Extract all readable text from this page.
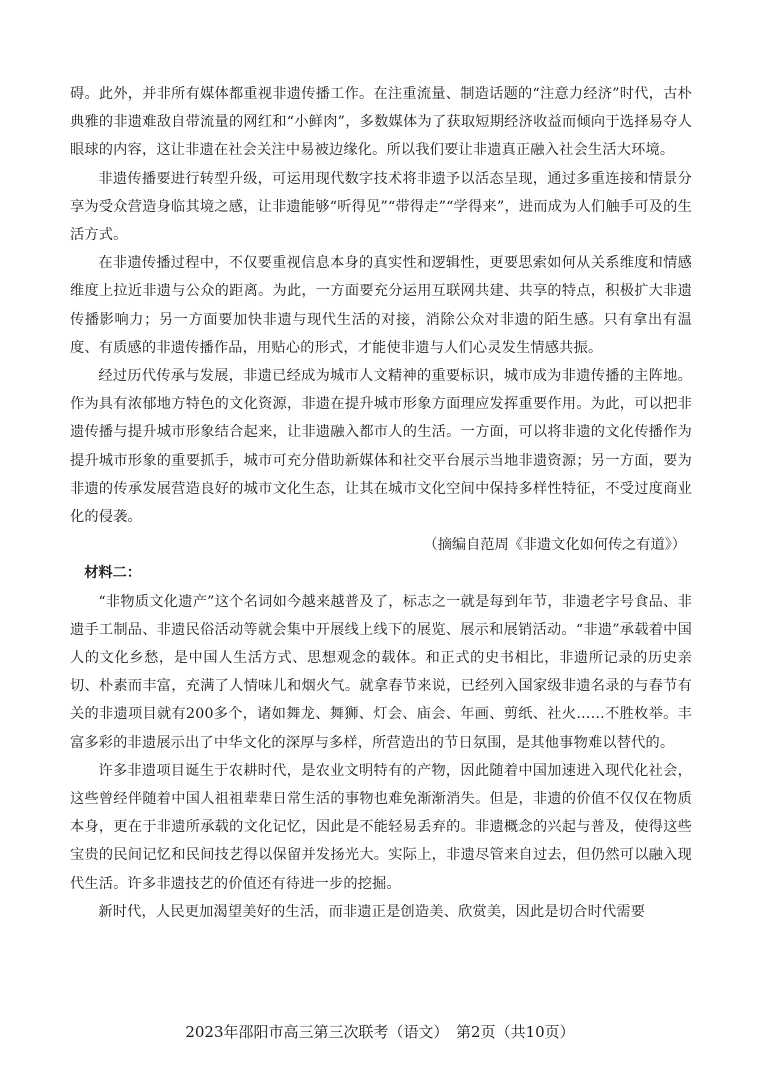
碍。此外，并非所有媒体都重视非遗传播工作。在注重流量、制造话题的“注意力经济”时代，古朴典雅的非遗难敌自带流量的网红和“小鲜肉”，多数媒体为了获取短期经济收益而倾向于选择易夺人眼球的内容，这让非遗在社会关注中易被边缘化。所以我们要让非遗真正融入社会生活大环境。

非遗传播要进行转型升级，可运用现代数字技术将非遗予以活态呈现，通过多重连接和情景分享为受众营造身临其境之感，让非遗能够“听得见”“带得走”“学得来”，进而成为人们触手可及的生活方式。

在非遗传播过程中，不仅要重视信息本身的真实性和逻辑性，更要思索如何从关系维度和情感维度上拉近非遗与公众的距离。为此，一方面要充分运用互联网共建、共享的特点，积极扩大非遗传播影响力；另一方面要加快非遗与现代生活的对接，消除公众对非遗的陌生感。只有拿出有温度、有质感的非遗传播作品，用贴心的形式，才能使非遗与人们心灵发生情感共振。

经过历代传承与发展，非遗已经成为城市人文精神的重要标识，城市成为非遗传播的主阵地。作为具有浓郁地方特色的文化资源，非遗在提升城市形象方面理应发挥重要作用。为此，可以把非遗传播与提升城市形象结合起来，让非遗融入都市人的生活。一方面，可以将非遗的文化传播作为提升城市形象的重要抓手，城市可充分借助新媒体和社交平台展示当地非遗资源；另一方面，要为非遗的传承发展营造良好的城市文化生态，让其在城市文化空间中保持多样性特征，不受过度商业化的侵袭。

（摘编自范周《非遗文化如何传之有道》）

材料二：

“非物质文化遗产”这个名词如今越来越普及了，标志之一就是每到年节，非遗老字号食品、非遗手工制品、非遗民俗活动等就会集中开展线上线下的展览、展示和展销活动。“非遗”承载着中国人的文化乡愁，是中国人生活方式、思想观念的载体。和正式的史书相比，非遗所记录的历史亲切、朴素而丰富，充满了人情味儿和烟火气。就拿春节来说，已经列入国家级非遗名录的与春节有关的非遗项目就有200多个，诸如舞龙、舞狮、灯会、庙会、年画、剪纸、社火……不胜枚举。丰富多彩的非遗展示出了中华文化的深厚与多样，所营造出的节日氛围，是其他事物难以替代的。

许多非遗项目诞生于农耕时代，是农业文明特有的产物，因此随着中国加速进入现代化社会，这些曾经伴随着中国人祖祖辈辈日常生活的事物也难免渐渐消失。但是，非遗的价值不仅仅在物质本身，更在于非遗所承载的文化记忆，因此是不能轻易丢弃的。非遗概念的兴起与普及，使得这些宝贵的民间记忆和民间技艺得以保留并发扬光大。实际上，非遗尽管来自过去，但仍然可以融入现代生活。许多非遗技艺的价值还有待进一步的挖掘。

新时代，人民更加渴望美好的生活，而非遗正是创造美、欣赏美，因此是切合时代需要

2023年邵阳市高三第三次联考（语文）　第2页（共10页）
